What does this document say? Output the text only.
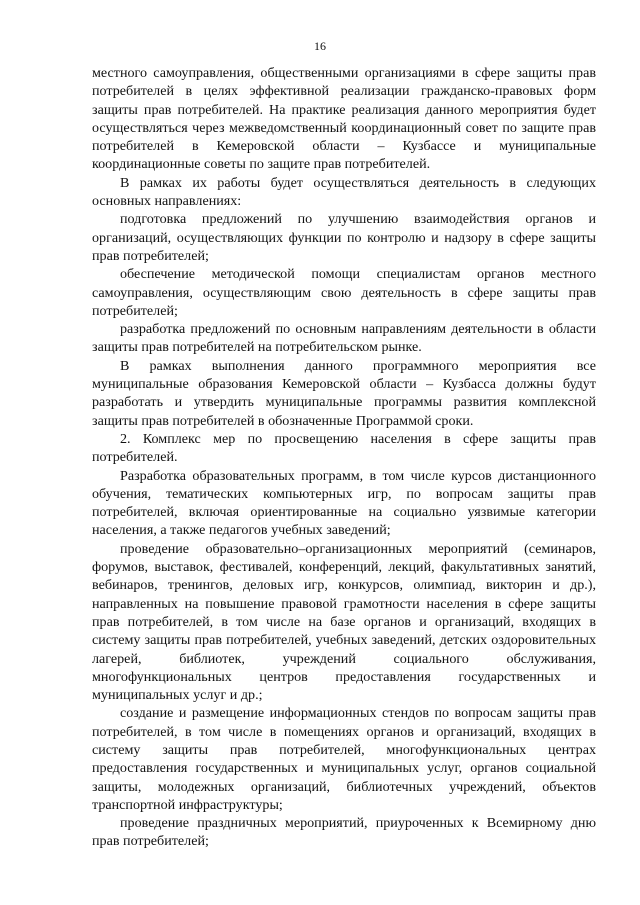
16

местного самоуправления, общественными организациями в сфере защиты прав потребителей в целях эффективной реализации гражданско-правовых форм защиты прав потребителей. На практике реализация данного мероприятия будет осуществляться через межведомственный координационный совет по защите прав потребителей в Кемеровской области – Кузбассе и муниципальные координационные советы по защите прав потребителей.

В рамках их работы будет осуществляться деятельность в следующих основных направлениях:

подготовка предложений по улучшению взаимодействия органов и организаций, осуществляющих функции по контролю и надзору в сфере защиты прав потребителей;

обеспечение методической помощи специалистам органов местного самоуправления, осуществляющим свою деятельность в сфере защиты прав потребителей;

разработка предложений по основным направлениям деятельности в области защиты прав потребителей на потребительском рынке.

В рамках выполнения данного программного мероприятия все муниципальные образования Кемеровской области – Кузбасса должны будут разработать и утвердить муниципальные программы развития комплексной защиты прав потребителей в обозначенные Программой сроки.

2. Комплекс мер по просвещению населения в сфере защиты прав потребителей.

Разработка образовательных программ, в том числе курсов дистанционного обучения, тематических компьютерных игр, по вопросам защиты прав потребителей, включая ориентированные на социально уязвимые категории населения, а также педагогов учебных заведений;

проведение образовательно–организационных мероприятий (семинаров, форумов, выставок, фестивалей, конференций, лекций, факультативных занятий, вебинаров, тренингов, деловых игр, конкурсов, олимпиад, викторин и др.), направленных на повышение правовой грамотности населения в сфере защиты прав потребителей, в том числе на базе органов и организаций, входящих в систему защиты прав потребителей, учебных заведений, детских оздоровительных лагерей, библиотек, учреждений социального обслуживания, многофункциональных центров предоставления государственных и муниципальных услуг и др.;

создание и размещение информационных стендов по вопросам защиты прав потребителей, в том числе в помещениях органов и организаций, входящих в систему защиты прав потребителей, многофункциональных центрах предоставления государственных и муниципальных услуг, органов социальной защиты, молодежных организаций, библиотечных учреждений, объектов транспортной инфраструктуры;

проведение праздничных мероприятий, приуроченных к Всемирному дню прав потребителей;
